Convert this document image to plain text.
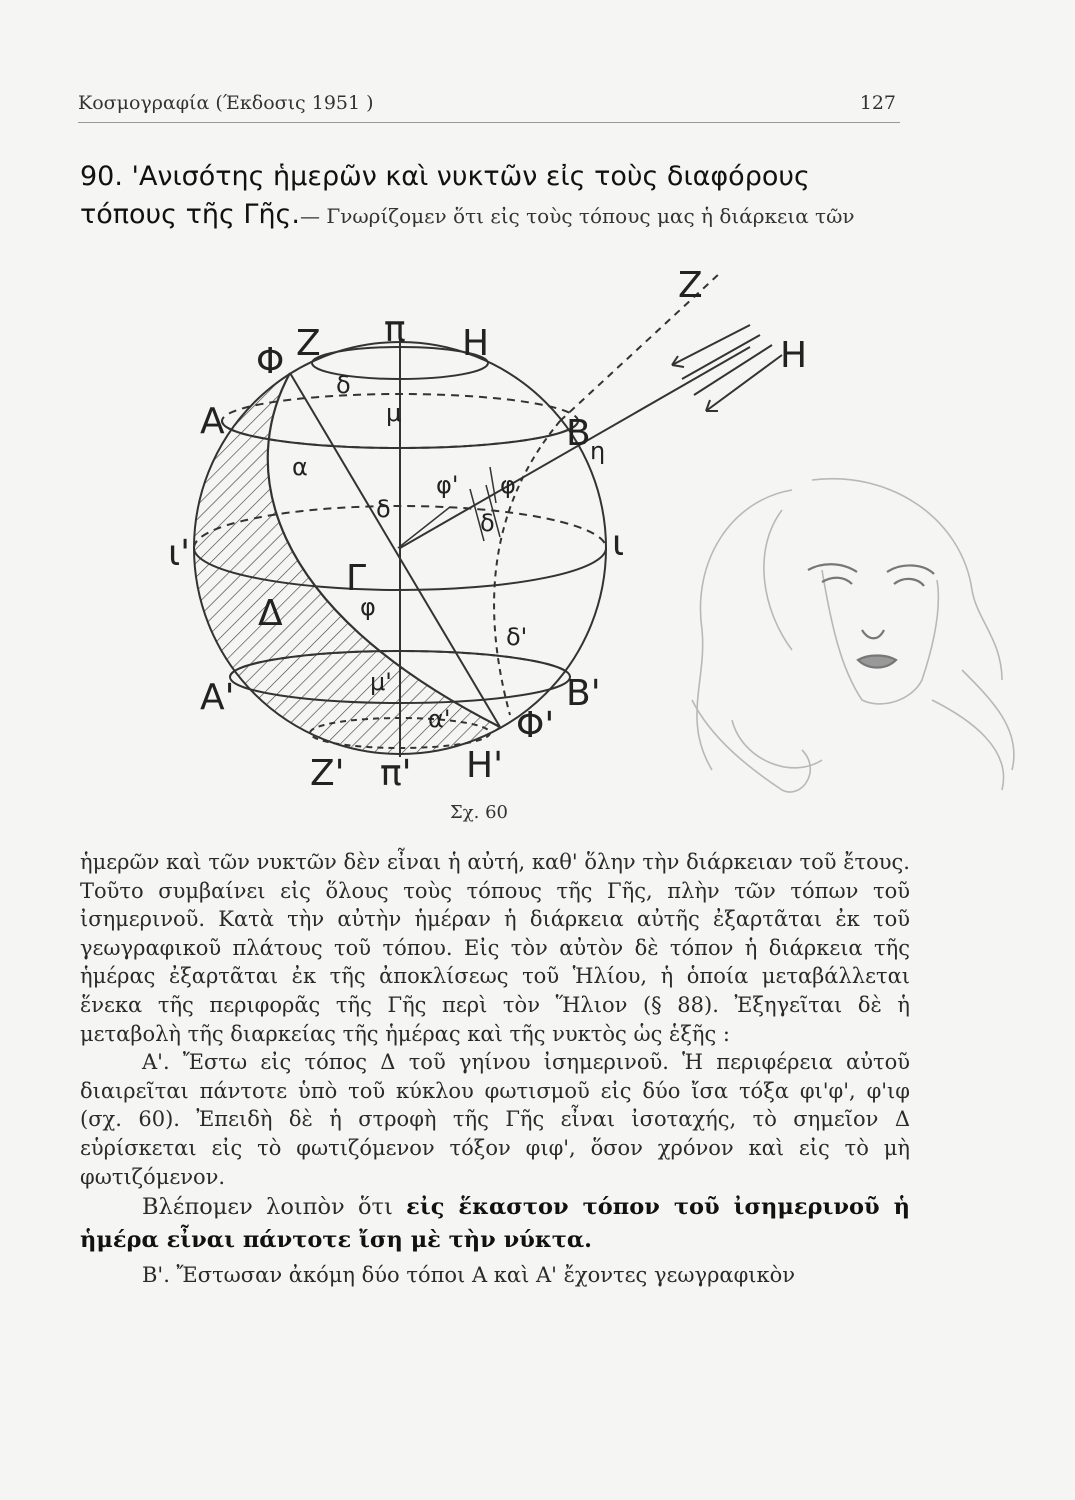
Κοσμογραφία (Έκδοσις 1951 )	127
90. 'Ανισότης ἡμερῶν καὶ νυκτῶν εἰς τοὺς διαφόρους τόπους τῆς Γῆς.— Γνωρίζομεν ὅτι εἰς τοὺς τόπους μας ἡ διάρκεια τῶν
Z
H
Φ Z π H
A	B
ι'	ι
Γ
Δ
A'	B'
Φ'
Z' π' H'
δ
μ
η
α
φ' φ
δ	δ
φ
δ'
μ'
α'
Σχ. 60

ἡμερῶν καὶ τῶν νυκτῶν δὲν εἶναι ἡ αὐτή, καθ' ὅλην τὴν διάρκειαν τοῦ ἔτους. Τοῦτο συμβαίνει εἰς ὅλους τοὺς τόπους τῆς Γῆς, πλὴν τῶν τόπων τοῦ ἰσημερινοῦ. Κατὰ τὴν αὐτὴν ἡμέραν ἡ διάρκεια αὐτῆς ἐξαρτᾶται ἐκ τοῦ γεωγραφικοῦ πλάτους τοῦ τόπου. Εἰς τὸν αὐτὸν δὲ τόπον ἡ διάρκεια τῆς ἡμέρας ἐξαρτᾶται ἐκ τῆς ἀποκλίσεως τοῦ Ἡλίου, ἡ ὁποία μεταβάλλεται ἕνεκα τῆς περιφορᾶς τῆς Γῆς περὶ τὸν Ἥλιον (§ 88). Ἐξηγεῖται δὲ ἡ μεταβολὴ τῆς διαρκείας τῆς ἡμέρας καὶ τῆς νυκτὸς ὡς ἑξῆς :

Α'. Ἔστω εἰς τόπος Δ τοῦ γηίνου ἰσημερινοῦ. Ἡ περιφέρεια αὐτοῦ διαιρεῖται πάντοτε ὑπὸ τοῦ κύκλου φωτισμοῦ εἰς δύο ἴσα τόξα φι'φ', φ'ιφ (σχ. 60). Ἐπειδὴ δὲ ἡ στροφὴ τῆς Γῆς εἶναι ἰσοταχής, τὸ σημεῖον Δ εὑρίσκεται εἰς τὸ φωτιζόμενον τόξον φιφ', ὅσον χρόνον καὶ εἰς τὸ μὴ φωτιζόμενον.

Βλέπομεν λοιπὸν ὅτι εἰς ἕκαστον τόπον τοῦ ἰσημερινοῦ ἡ ἡμέρα εἶναι πάντοτε ἴση μὲ τὴν νύκτα.

Β'. Ἔστωσαν ἀκόμη δύο τόποι Α καὶ Α' ἔχοντες γεωγραφικὸν
